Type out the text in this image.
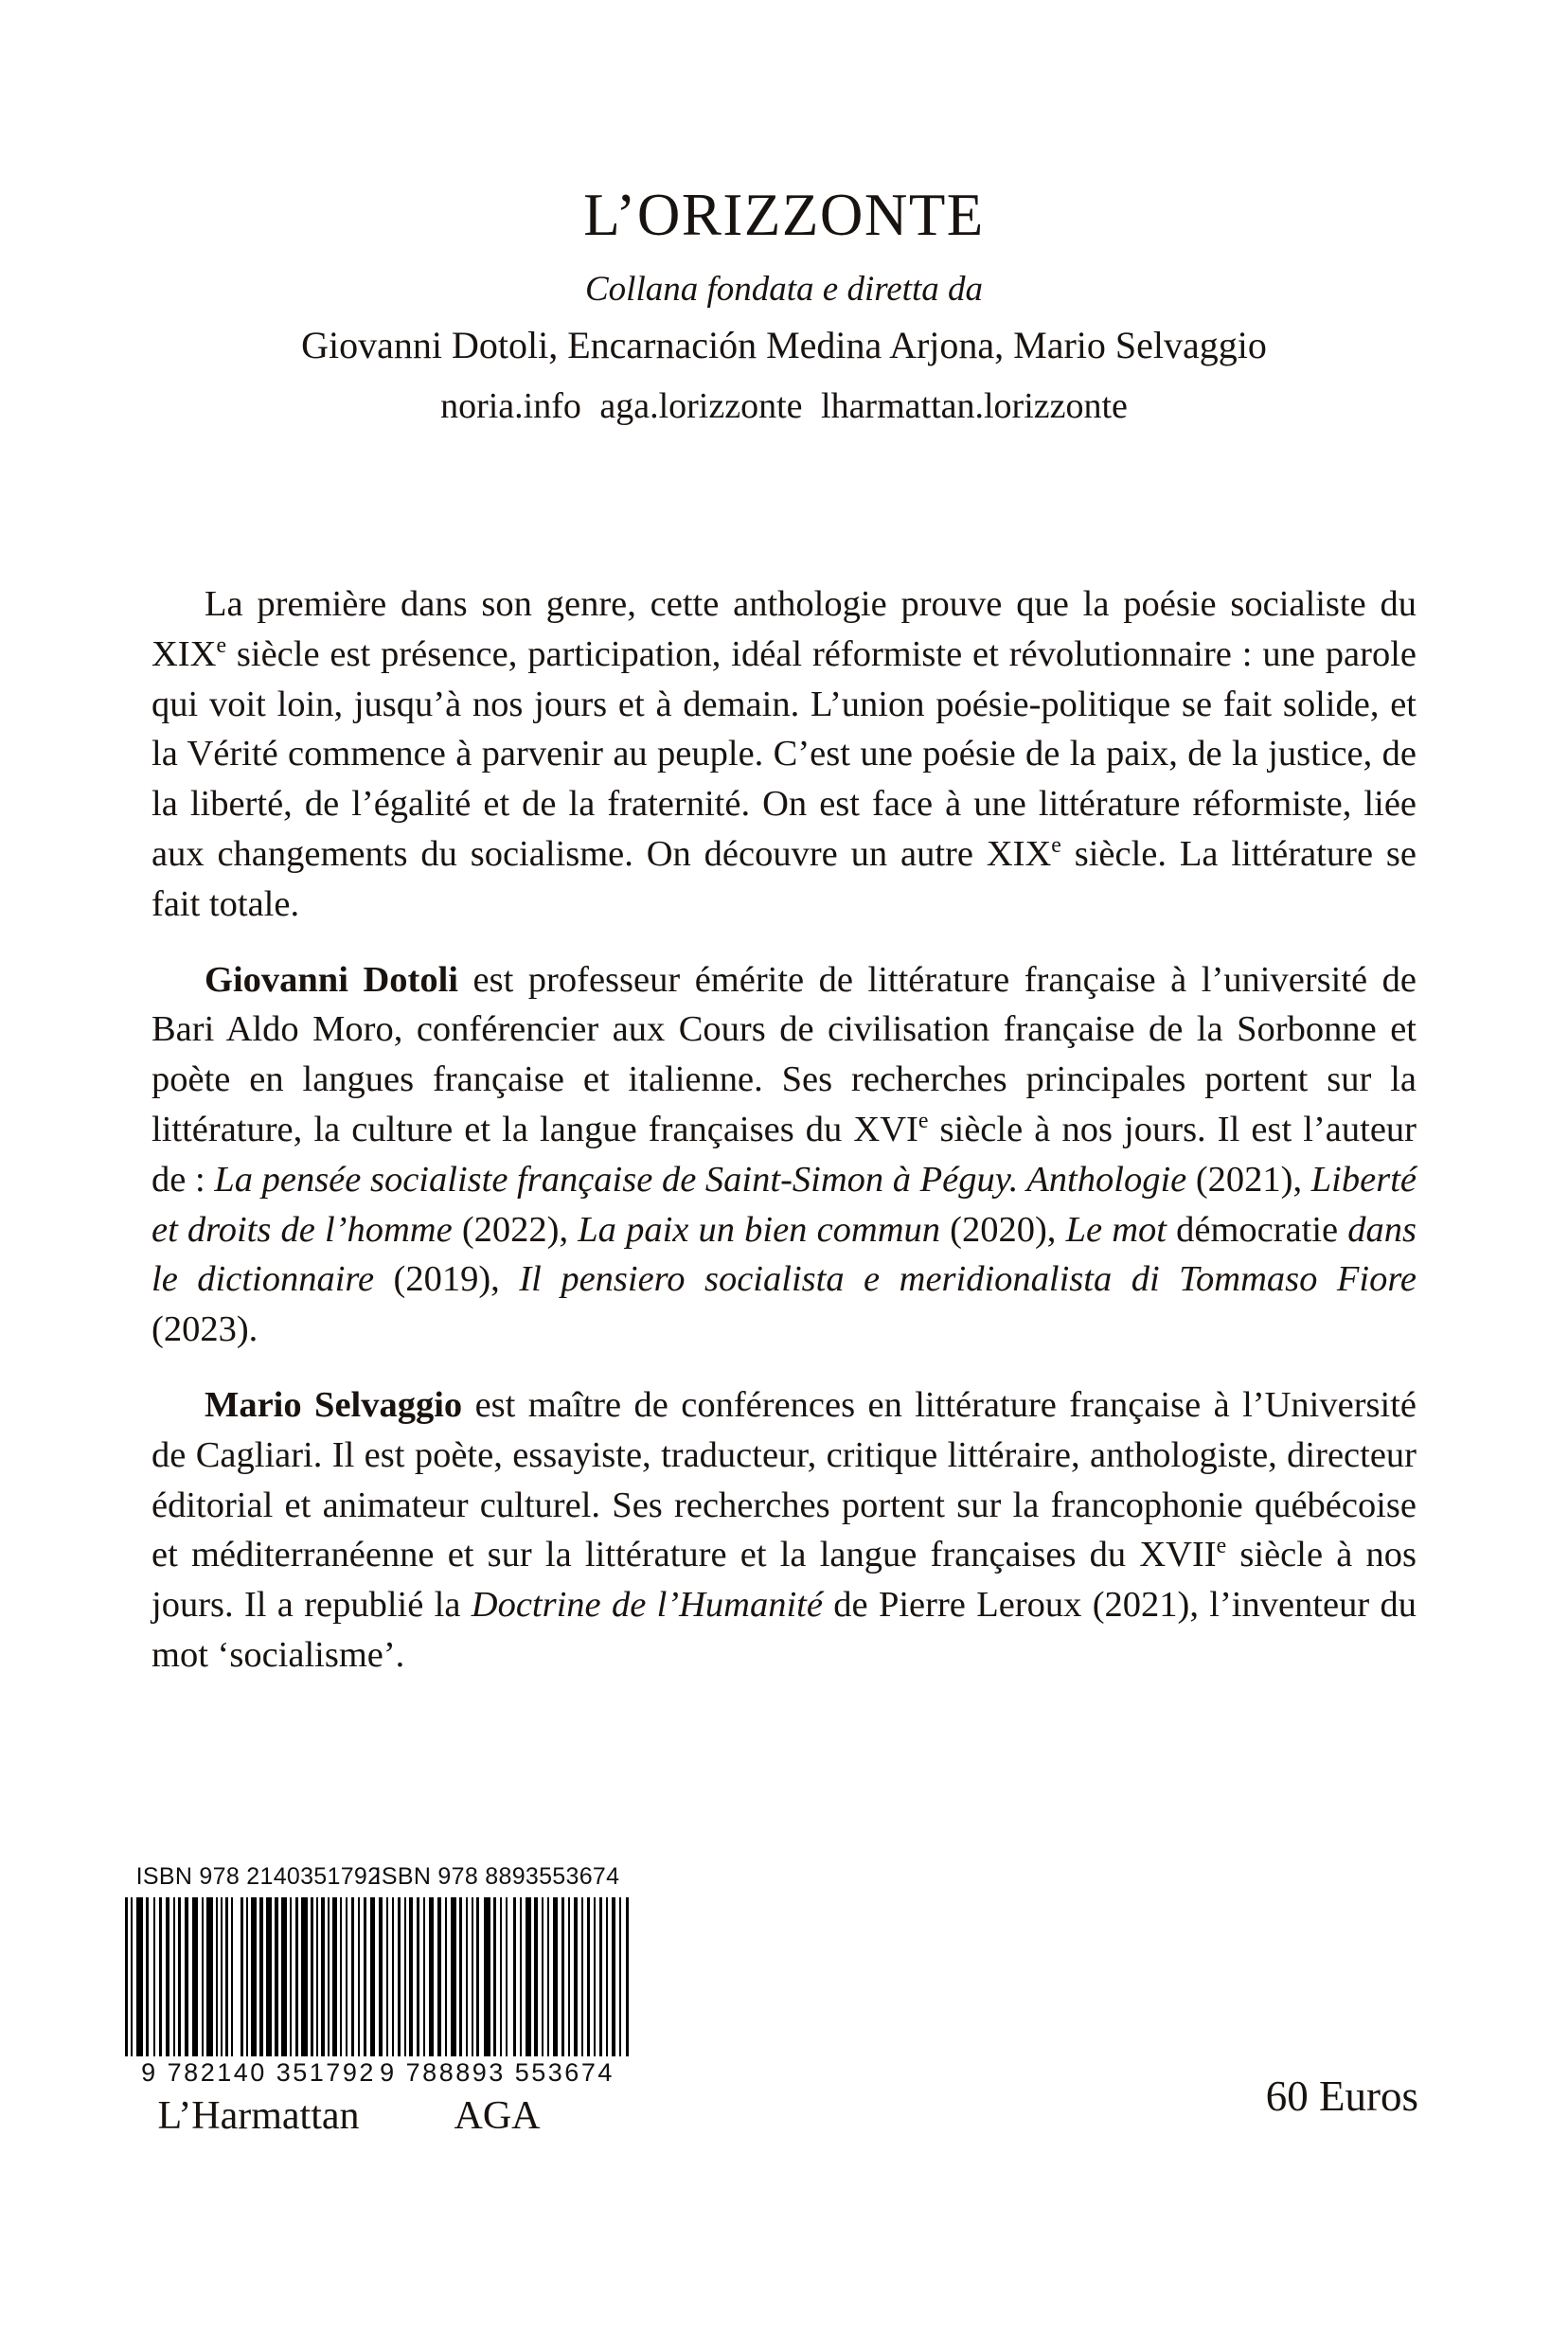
L’ORIZZONTE
Collana fondata e diretta da
Giovanni Dotoli, Encarnación Medina Arjona, Mario Selvaggio
noria.info aga.lorizzonte lharmattan.lorizzonte

La première dans son genre, cette anthologie prouve que la poésie socialiste du XIXe siècle est présence, participation, idéal réformiste et révolutionnaire : une parole qui voit loin, jusqu’à nos jours et à demain. L’union poésie-politique se fait solide, et la Vérité commence à parvenir au peuple. C’est une poésie de la paix, de la justice, de la liberté, de l’égalité et de la fraternité. On est face à une littérature réformiste, liée aux changements du socialisme. On découvre un autre XIXe siècle. La littérature se fait totale.

Giovanni Dotoli est professeur émérite de littérature française à l’université de Bari Aldo Moro, conférencier aux Cours de civilisation française de la Sorbonne et poète en langues française et italienne. Ses recherches principales portent sur la littérature, la culture et la langue françaises du XVIe siècle à nos jours. Il est l’auteur de : La pensée socialiste française de Saint-Simon à Péguy. Anthologie (2021), Liberté et droits de l’homme (2022), La paix un bien commun (2020), Le mot démocratie dans le dictionnaire (2019), Il pensiero socialista e meridionalista di Tommaso Fiore (2023).

Mario Selvaggio est maître de conférences en littérature française à l’Université de Cagliari. Il est poète, essayiste, traducteur, critique littéraire, anthologiste, directeur éditorial et animateur culturel. Ses recherches portent sur la francophonie québécoise et méditerranéenne et sur la littérature et la langue françaises du XVIIe siècle à nos jours. Il a republié la Doctrine de l’Humanité de Pierre Leroux (2021), l’inventeur du mot ‘socialisme’.

ISBN 978 2140351792
9 782140 351792
L’Harmattan
ISBN 978 8893553674
9 788893 553674
AGA	60 Euros
